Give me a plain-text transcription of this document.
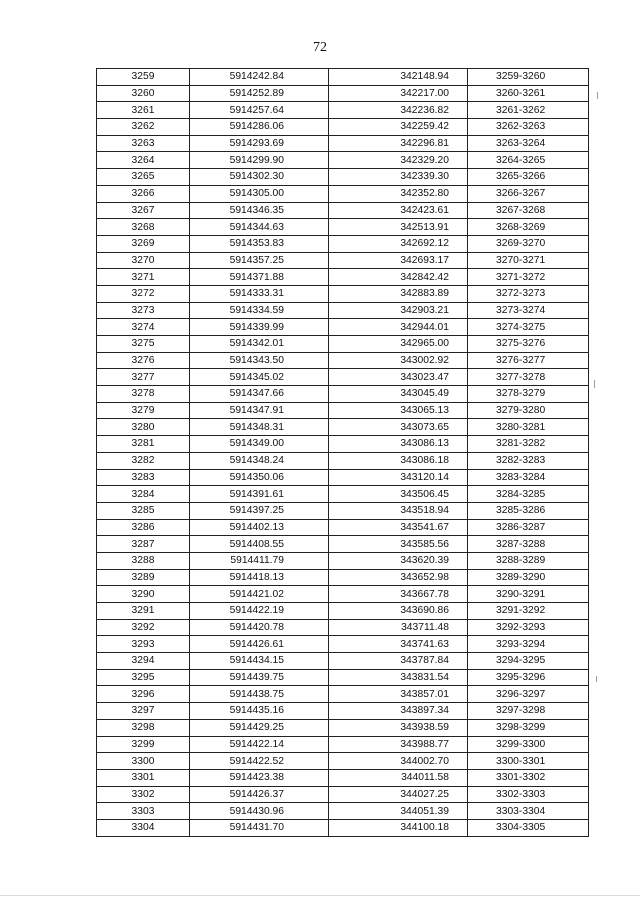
72
3259	5914242.84	342148.94	3259-3260
3260	5914252.89	342217.00	3260-3261
3261	5914257.64	342236.82	3261-3262
3262	5914286.06	342259.42	3262-3263
3263	5914293.69	342296.81	3263-3264
3264	5914299.90	342329.20	3264-3265
3265	5914302.30	342339.30	3265-3266
3266	5914305.00	342352.80	3266-3267
3267	5914346.35	342423.61	3267-3268
3268	5914344.63	342513.91	3268-3269
3269	5914353.83	342692.12	3269-3270
3270	5914357.25	342693.17	3270-3271
3271	5914371.88	342842.42	3271-3272
3272	5914333.31	342883.89	3272-3273
3273	5914334.59	342903.21	3273-3274
3274	5914339.99	342944.01	3274-3275
3275	5914342.01	342965.00	3275-3276
3276	5914343.50	343002.92	3276-3277
3277	5914345.02	343023.47	3277-3278
3278	5914347.66	343045.49	3278-3279
3279	5914347.91	343065.13	3279-3280
3280	5914348.31	343073.65	3280-3281
3281	5914349.00	343086.13	3281-3282
3282	5914348.24	343086.18	3282-3283
3283	5914350.06	343120.14	3283-3284
3284	5914391.61	343506.45	3284-3285
3285	5914397.25	343518.94	3285-3286
3286	5914402.13	343541.67	3286-3287
3287	5914408.55	343585.56	3287-3288
3288	5914411.79	343620.39	3288-3289
3289	5914418.13	343652.98	3289-3290
3290	5914421.02	343667.78	3290-3291
3291	5914422.19	343690.86	3291-3292
3292	5914420.78	343711.48	3292-3293
3293	5914426.61	343741.63	3293-3294
3294	5914434.15	343787.84	3294-3295
3295	5914439.75	343831.54	3295-3296
3296	5914438.75	343857.01	3296-3297
3297	5914435.16	343897.34	3297-3298
3298	5914429.25	343938.59	3298-3299
3299	5914422.14	343988.77	3299-3300
3300	5914422.52	344002.70	3300-3301
3301	5914423.38	344011.58	3301-3302
3302	5914426.37	344027.25	3302-3303
3303	5914430.96	344051.39	3303-3304
3304	5914431.70	344100.18	3304-3305
